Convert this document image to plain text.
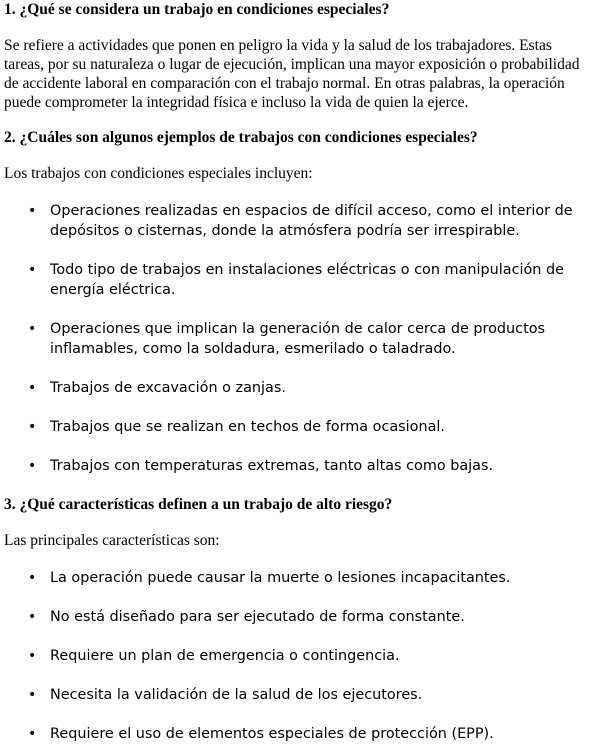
1. ¿Qué se considera un trabajo en condiciones especiales?

Se refiere a actividades que ponen en peligro la vida y la salud de los trabajadores. Estas tareas, por su naturaleza o lugar de ejecución, implican una mayor exposición o probabilidad de accidente laboral en comparación con el trabajo normal. En otras palabras, la operación puede comprometer la integridad física e incluso la vida de quien la ejerce.

2. ¿Cuáles son algunos ejemplos de trabajos con condiciones especiales?

Los trabajos con condiciones especiales incluyen:

• Operaciones realizadas en espacios de difícil acceso, como el interior de depósitos o cisternas, donde la atmósfera podría ser irrespirable.
• Todo tipo de trabajos en instalaciones eléctricas o con manipulación de energía eléctrica.
• Operaciones que implican la generación de calor cerca de productos inflamables, como la soldadura, esmerilado o taladrado.
• Trabajos de excavación o zanjas.
• Trabajos que se realizan en techos de forma ocasional.
• Trabajos con temperaturas extremas, tanto altas como bajas.
3. ¿Qué características definen a un trabajo de alto riesgo?

Las principales características son:

• La operación puede causar la muerte o lesiones incapacitantes.
• No está diseñado para ser ejecutado de forma constante.
• Requiere un plan de emergencia o contingencia.
• Necesita la validación de la salud de los ejecutores.
• Requiere el uso de elementos especiales de protección (EPP).
